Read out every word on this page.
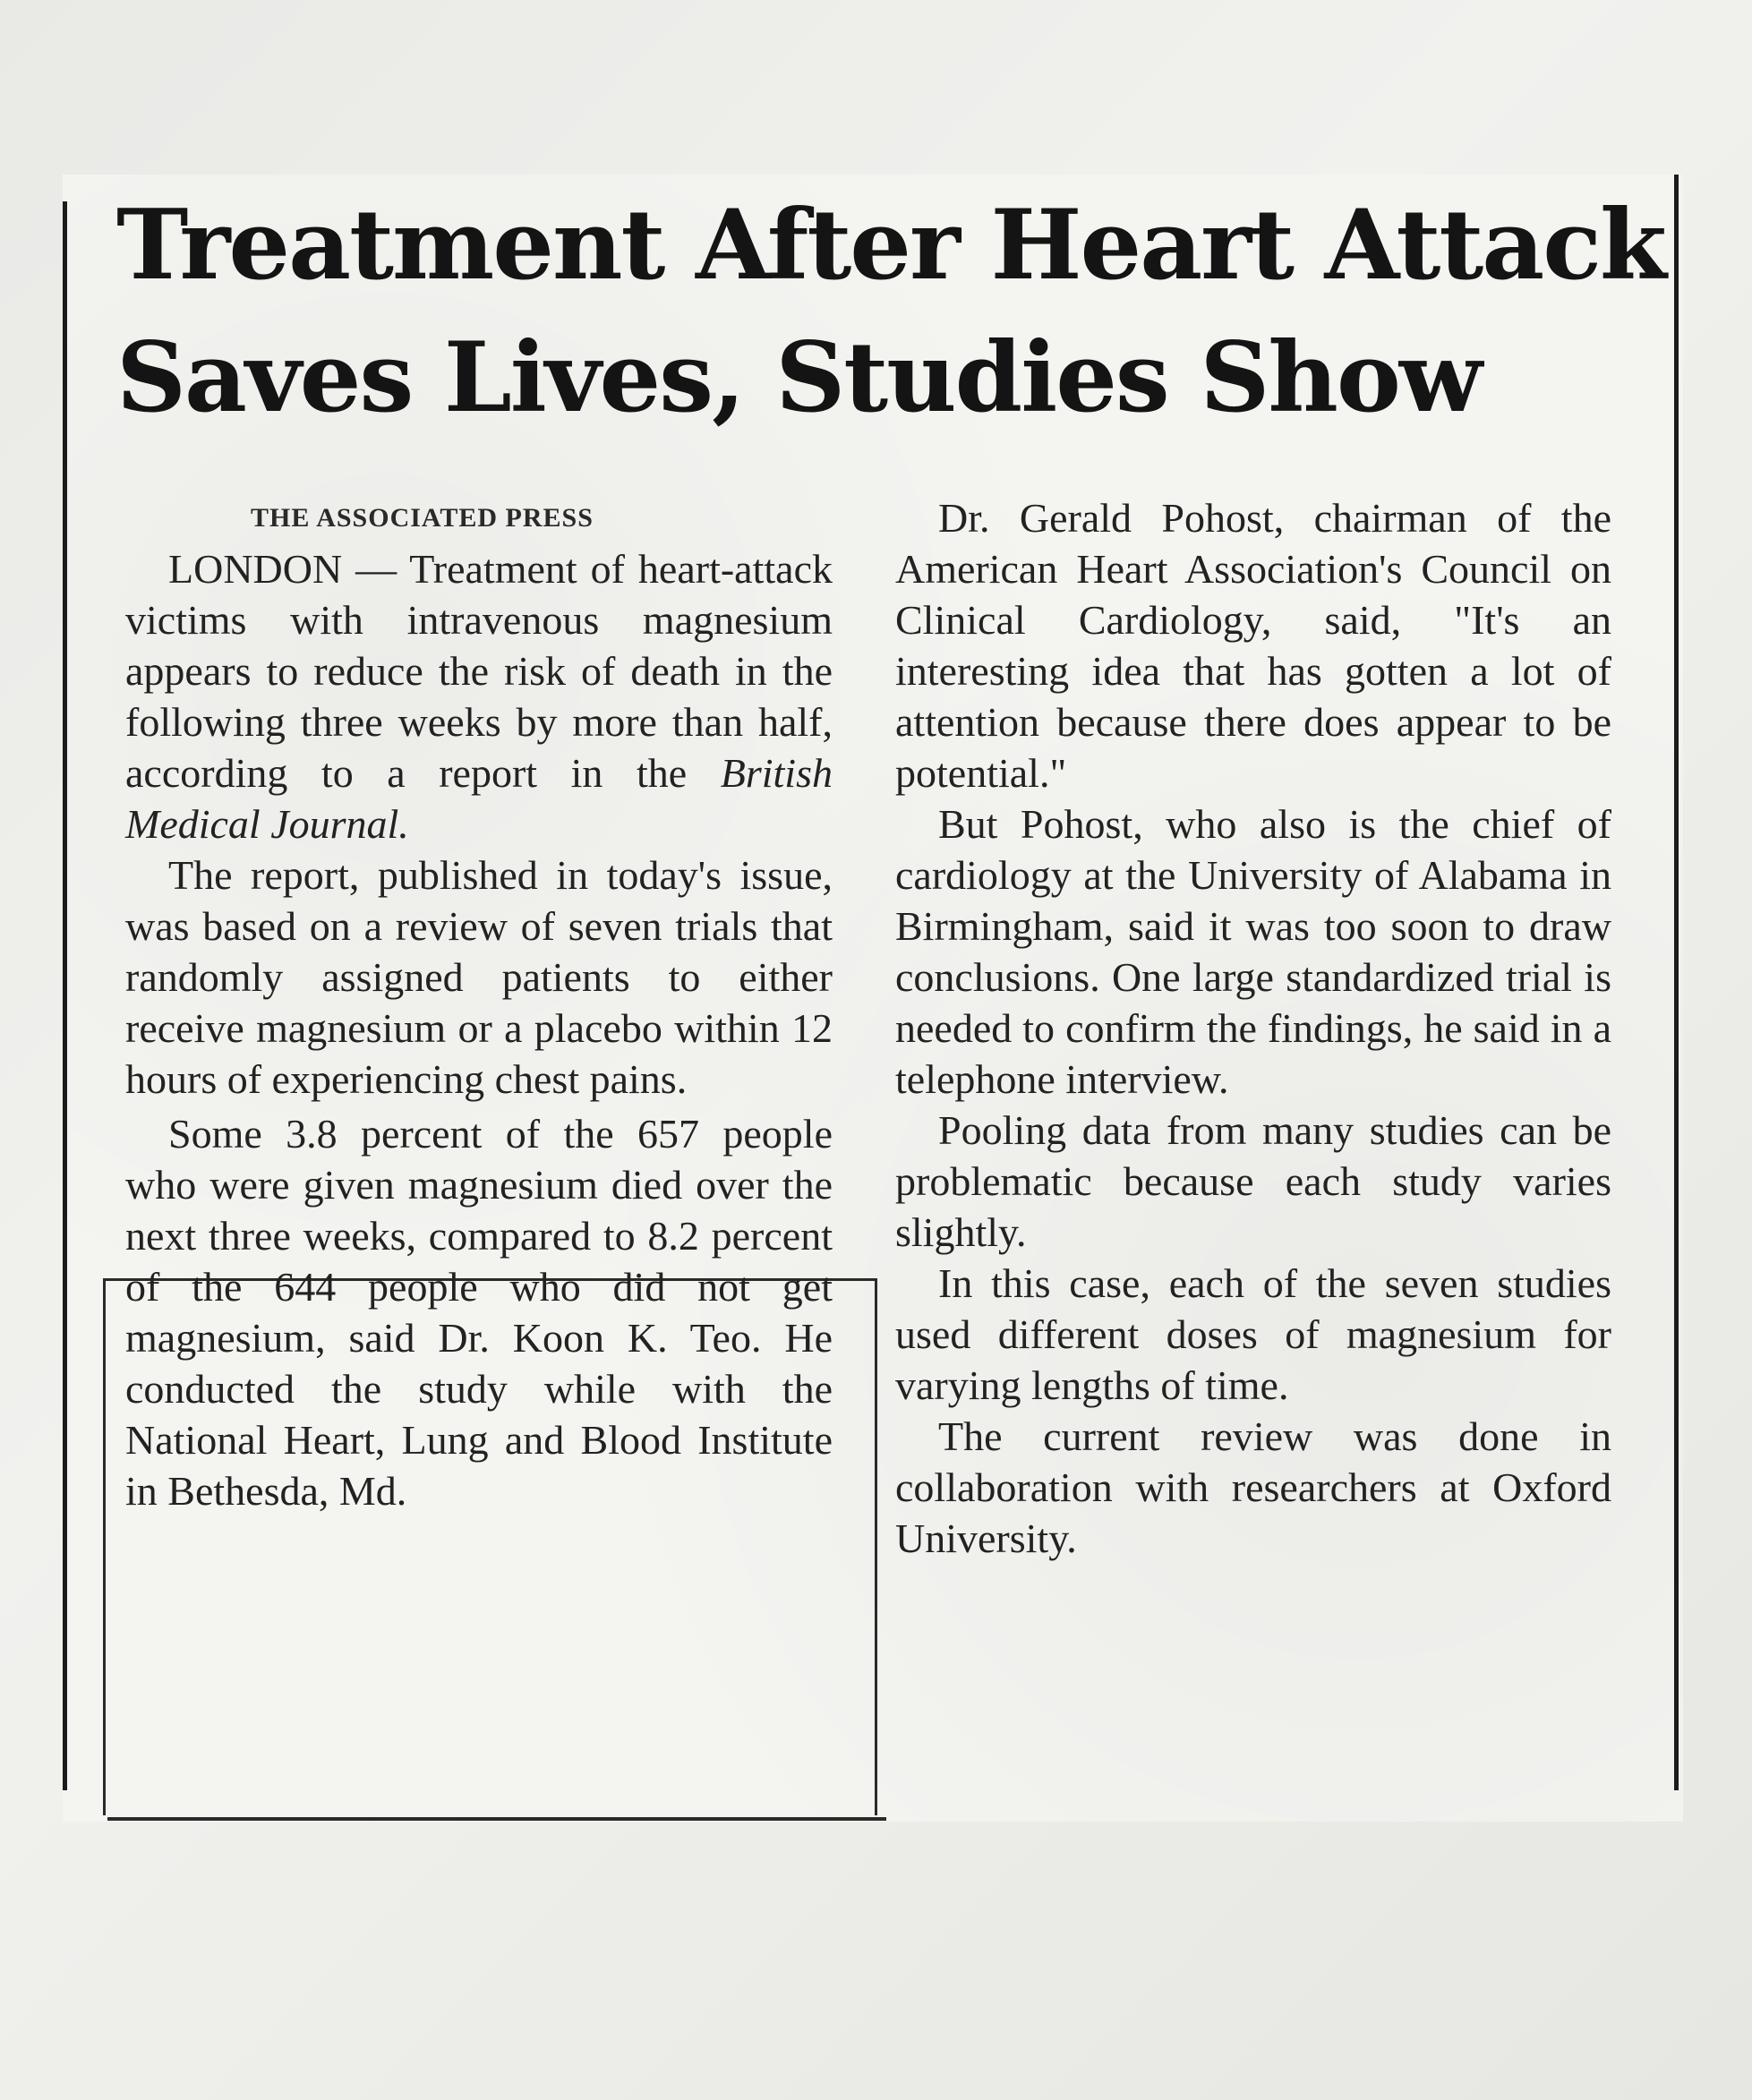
Treatment After Heart Attack
Saves Lives, Studies Show

THE ASSOCIATED PRESS

LONDON — Treatment of heart-attack victims with intravenous magnesium appears to reduce the risk of death in the following three weeks by more than half, according to a report in the British Medical Journal.

The report, published in today's issue, was based on a review of seven trials that randomly assigned patients to either receive magnesium or a placebo within 12 hours of experiencing chest pains.

Some 3.8 percent of the 657 people who were given magnesium died over the next three weeks, compared to 8.2 percent of the 644 people who did not get magnesium, said Dr. Koon K. Teo. He conducted the study while with the National Heart, Lung and Blood Institute in Bethesda, Md.

Dr. Gerald Pohost, chairman of the American Heart Association's Council on Clinical Cardiology, said, "It's an interesting idea that has gotten a lot of attention because there does appear to be potential."

But Pohost, who also is the chief of cardiology at the University of Alabama in Birmingham, said it was too soon to draw conclusions. One large standardized trial is needed to confirm the findings, he said in a telephone interview.

Pooling data from many studies can be problematic because each study varies slightly.

In this case, each of the seven studies used different doses of magnesium for varying lengths of time.

The current review was done in collaboration with researchers at Oxford University.
